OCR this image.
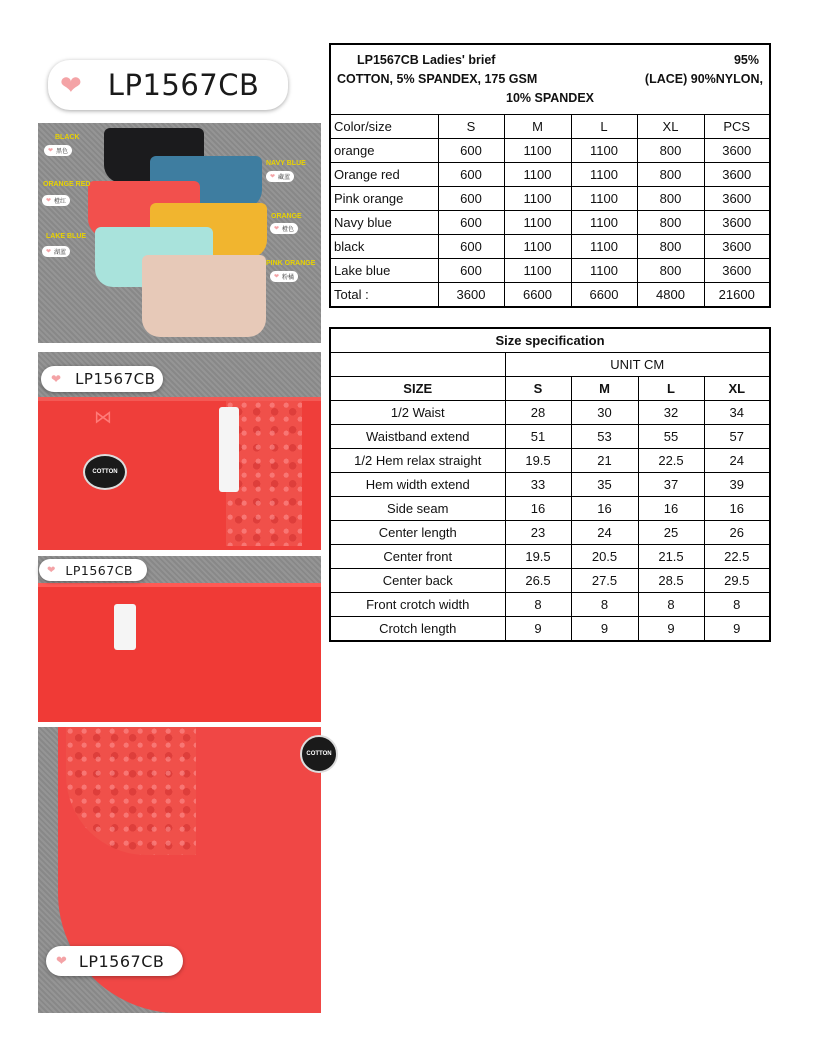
❤ LP1567CB
BLACK
❤ 黑色
NAVY BLUE
❤ 藏蓝
ORANGE RED
❤ 橙红
ORANGE
❤ 橙色
LAKE BLUE
❤ 湖蓝
PINK ORANGE
❤ 粉橘
⋈
COTTON
❤ LP1567CB
❤ LP1567CB
COTTON
❤ LP1567CB
LP1567CB Ladies' brief 95%
COTTON, 5% SPANDEX, 175 GSM (LACE) 90%NYLON,
10% SPANDEX					

Color/size	S	M	L	XL	PCS
orange	600	1100	1100	800	3600
Orange red	600	1100	1100	800	3600
Pink orange	600	1100	1100	800	3600
Navy blue	600	1100	1100	800	3600
black	600	1100	1100	800	3600
Lake blue	600	1100	1100	800	3600
Total :	3600	6600	6600	4800	21600
Size specification				
	UNIT CM			
SIZE	S	M	L	XL
1/2 Waist	28	30	32	34
Waistband extend	51	53	55	57
1/2 Hem relax straight	19.5	21	22.5	24
Hem width extend	33	35	37	39
Side seam	16	16	16	16
Center length	23	24	25	26
Center front	19.5	20.5	21.5	22.5
Center back	26.5	27.5	28.5	29.5
Front crotch width	8	8	8	8
Crotch length	9	9	9	9
